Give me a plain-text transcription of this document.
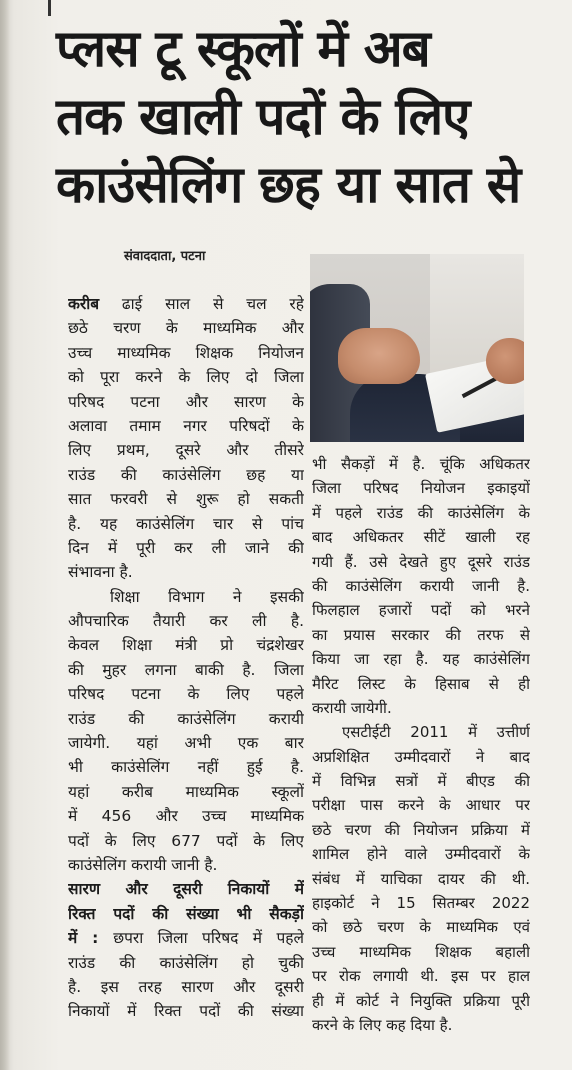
प्लस टू स्कूलों में अब
तक खाली पदों के लिए
काउंसेलिंग छह या सात से
संवाददाता, पटना
करीब ढाई साल से चल रहे
छठे चरण के माध्यमिक और
उच्च माध्यमिक शिक्षक नियोजन
को पूरा करने के लिए दो जिला
परिषद पटना और सारण के
अलावा तमाम नगर परिषदों के
लिए प्रथम, दूसरे और तीसरे
राउंड की काउंसेलिंग छह या
सात फरवरी से शुरू हो सकती
है. यह काउंसेलिंग चार से पांच
दिन में पूरी कर ली जाने की
संभावना है.
शिक्षा विभाग ने इसकी
औपचारिक तैयारी कर ली है.
केवल शिक्षा मंत्री प्रो चंद्रशेखर
की मुहर लगना बाकी है. जिला
परिषद पटना के लिए पहले
राउंड की काउंसेलिंग करायी
जायेगी. यहां अभी एक बार
भी काउंसेलिंग नहीं हुई है.
यहां करीब माध्यमिक स्कूलों
में 456 और उच्च माध्यमिक
पदों के लिए 677 पदों के लिए
काउंसेलिंग करायी जानी है.
सारण और दूसरी निकायों में
रिक्त पदों की संख्या भी सैकड़ों
में : छपरा जिला परिषद में पहले
राउंड की काउंसेलिंग हो चुकी
है. इस तरह सारण और दूसरी
निकायों में रिक्त पदों की संख्या
भी सैकड़ों में है. चूंकि अधिकतर
जिला परिषद नियोजन इकाइयों
में पहले राउंड की काउंसेलिंग के
बाद अधिकतर सीटें खाली रह
गयी हैं. उसे देखते हुए दूसरे राउंड
की काउंसेलिंग करायी जानी है.
फिलहाल हजारों पदों को भरने
का प्रयास सरकार की तरफ से
किया जा रहा है. यह काउंसेलिंग
मैरिट लिस्ट के हिसाब से ही
करायी जायेगी.
एसटीईटी 2011 में उत्तीर्ण
अप्रशिक्षित उम्मीदवारों ने बाद
में विभिन्न सत्रों में बीएड की
परीक्षा पास करने के आधार पर
छठे चरण की नियोजन प्रक्रिया में
शामिल होने वाले उम्मीदवारों के
संबंध में याचिका दायर की थी.
हाइकोर्ट ने 15 सितम्बर 2022
को छठे चरण के माध्यमिक एवं
उच्च माध्यमिक शिक्षक बहाली
पर रोक लगायी थी. इस पर हाल
ही में कोर्ट ने नियुक्ति प्रक्रिया पूरी
करने के लिए कह दिया है.
